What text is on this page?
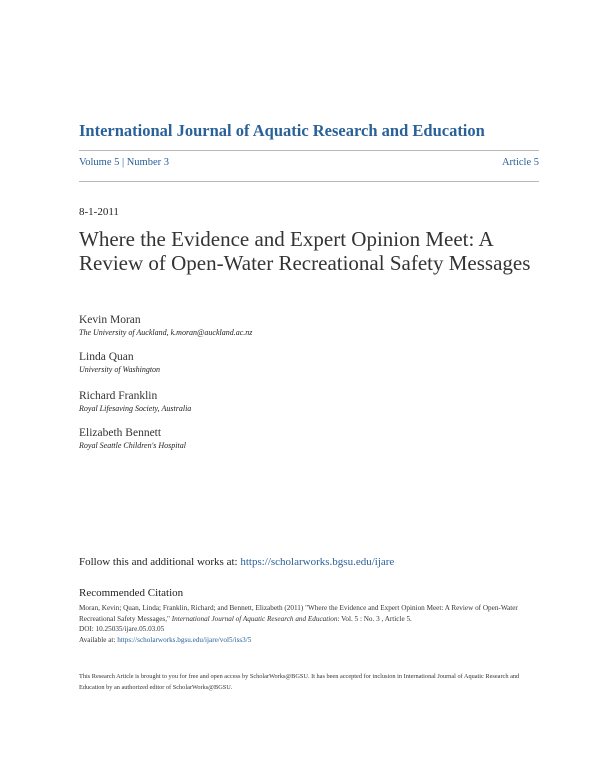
International Journal of Aquatic Research and Education
Volume 5 | Number 3	Article 5
8-1-2011
Where the Evidence and Expert Opinion Meet: A Review of Open-Water Recreational Safety Messages
Kevin Moran
The University of Auckland, k.moran@auckland.ac.nz
Linda Quan
University of Washington
Richard Franklin
Royal Lifesaving Society, Australia
Elizabeth Bennett
Royal Seattle Children's Hospital
Follow this and additional works at: https://scholarworks.bgsu.edu/ijare
Recommended Citation
Moran, Kevin; Quan, Linda; Franklin, Richard; and Bennett, Elizabeth (2011) "Where the Evidence and Expert Opinion Meet: A Review of Open-Water Recreational Safety Messages," International Journal of Aquatic Research and Education: Vol. 5 : No. 3 , Article 5.
DOI: 10.25035/ijare.05.03.05
Available at: https://scholarworks.bgsu.edu/ijare/vol5/iss3/5
This Research Article is brought to you for free and open access by ScholarWorks@BGSU. It has been accepted for inclusion in International Journal of Aquatic Research and Education by an authorized editor of ScholarWorks@BGSU.
